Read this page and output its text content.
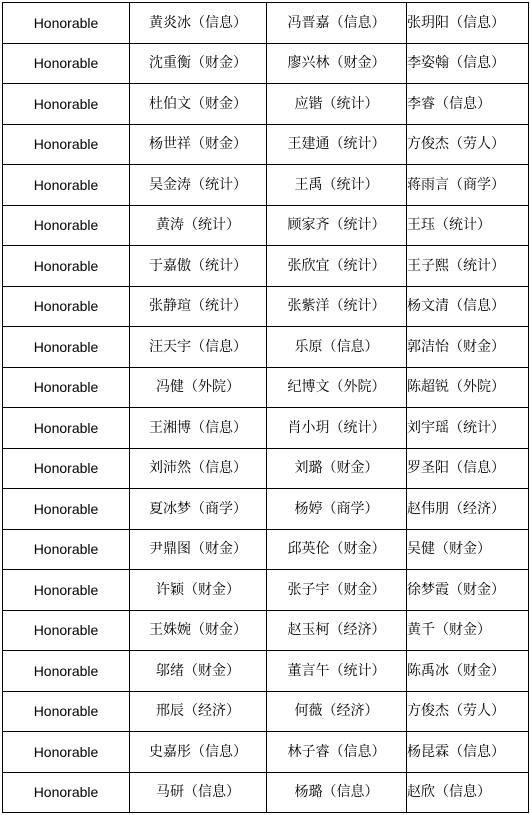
Honorable	黄炎冰（信息）	冯晋嘉（信息）	张玥阳（信息）
Honorable	沈重衡（财金）	廖兴林（财金）	李姿翰（信息）
Honorable	杜伯文（财金）	应锴（统计）	李睿（信息）
Honorable	杨世祥（财金）	王建通（统计）	方俊杰（劳人）
Honorable	吴金涛（统计）	王禹（统计）	蒋雨言（商学）
Honorable	黄涛（统计）	顾家齐（统计）	王珏（统计）
Honorable	于嘉傲（统计）	张欣宜（统计）	王子熙（统计）
Honorable	张静瑄（统计）	张紫洋（统计）	杨文清（信息）
Honorable	汪天宇（信息）	乐原（信息）	郭洁怡（财金）
Honorable	冯健（外院）	纪博文（外院）	陈超锐（外院）
Honorable	王湘博（信息）	肖小玥（统计）	刘宇瑶（统计）
Honorable	刘沛然（信息）	刘璐（财金）	罗圣阳（信息）
Honorable	夏冰梦（商学）	杨婷（商学）	赵伟朋（经济）
Honorable	尹鼎图（财金）	邱英伦（财金）	吴健（财金）
Honorable	许颖（财金）	张子宇（财金）	徐梦霞（财金）
Honorable	王姝婉（财金）	赵玉柯（经济）	黄千（财金）
Honorable	邬绪（财金）	董言午（统计）	陈禹冰（财金）
Honorable	邢辰（经济）	何薇（经济）	方俊杰（劳人）
Honorable	史嘉彤（信息）	林子睿（信息）	杨昆霖（信息）
Honorable	马研（信息）	杨璐（信息）	赵欣（信息）
